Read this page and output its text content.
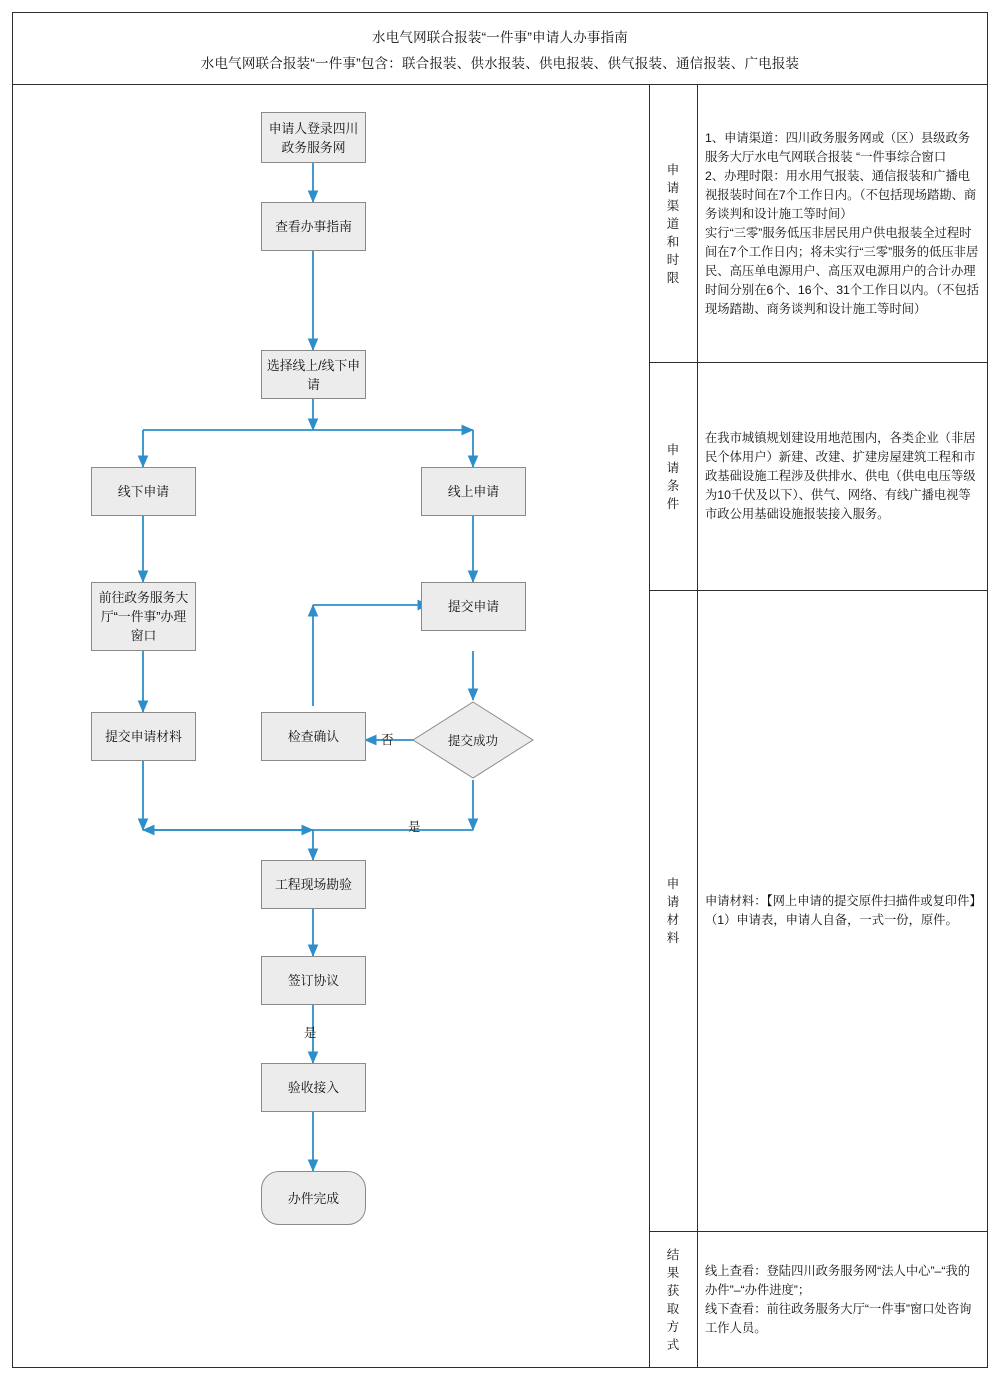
水电气网联合报装“一件事”申请人办事指南
水电气网联合报装“一件事”包含：联合报装、供水报装、供电报装、供气报装、通信报装、广电报装
申请人登录四川政务服务网
查看办事指南
选择线上/线下申请
线下申请	线上申请
前往政务服务大厅“一件事”办理窗口
提交申请材料	检查确认
提交申请
提交成功
否
是
是
工程现场勘验
签订协议
验收接入
办件完成
申
请
渠
道
和
时
限

1、申请渠道：四川政务服务网或（区）县级政务服务大厅水电气网联合报装 “一件事综合窗口

2、办理时限：用水用气报装、通信报装和广播电视报装时间在7个工作日内。（不包括现场踏勘、商务谈判和设计施工等时间）

实行“三零”服务低压非居民用户供电报装全过程时间在7个工作日内；将未实行“三零”服务的低压非居民、高压单电源用户、高压双电源用户的合计办理时间分别在6个、16个、31个工作日以内。（不包括现场踏勘、商务谈判和设计施工等时间）

申
请
条
件

在我市城镇规划建设用地范围内，各类企业（非居民个体用户）新建、改建、扩建房屋建筑工程和市政基础设施工程涉及供排水、供电（供电电压等级为10千伏及以下）、供气、网络、有线广播电视等市政公用基础设施报装接入服务。

申
请
材
料

申请材料：【网上申请的提交原件扫描件或复印件】

（1）申请表，申请人自备，一式一份，原件。

结
果
获
取
方
式

线上查看：登陆四川政务服务网“法人中心”–“我的办件”–“办件进度”；

线下查看：前往政务服务大厅“一件事”窗口处咨询工作人员。
